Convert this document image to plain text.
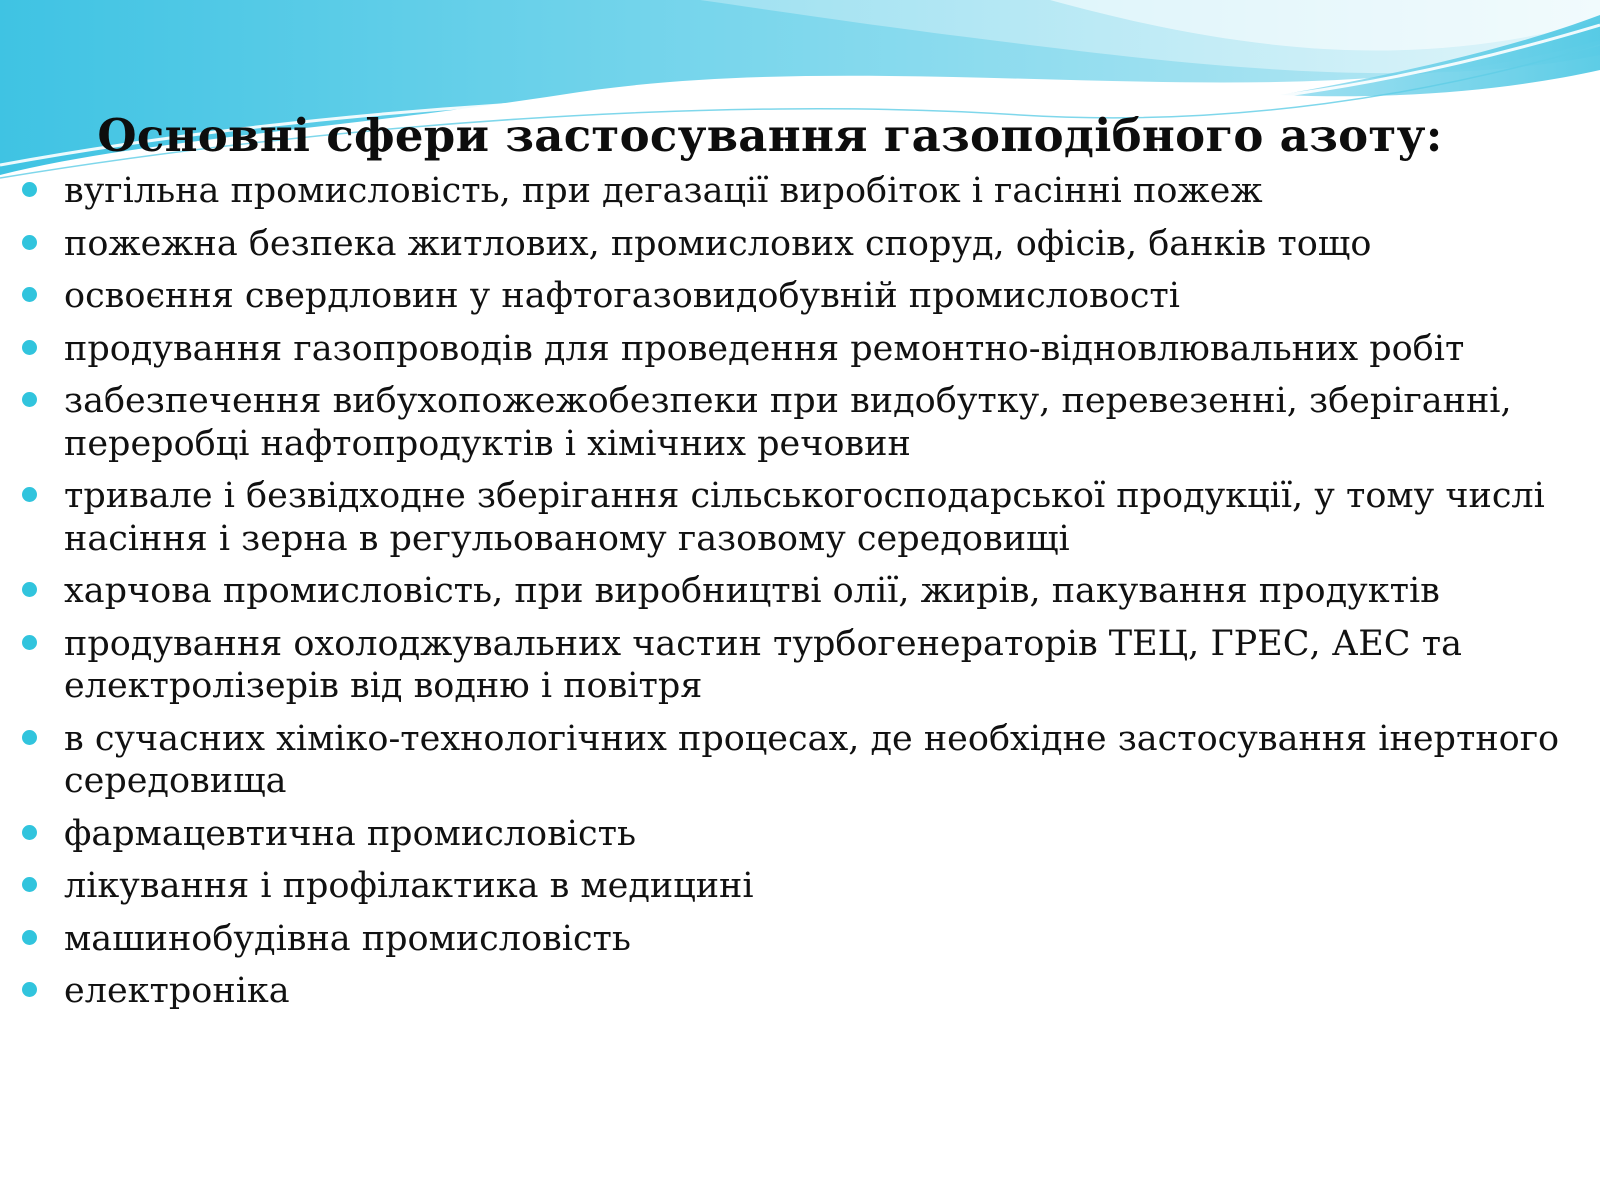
Основні сфери застосування газоподібного азоту:
вугільна промисловість, при дегазації виробіток і гасінні пожеж
пожежна безпека житлових, промислових споруд, офісів, банків тощо
освоєння свердловин у нафтогазовидобувній промисловості
продування газопроводів для проведення ремонтно-відновлювальних робіт
забезпечення вибухопожежобезпеки при видобутку, перевезенні, зберіганні, переробці нафтопродуктів і хімічних речовин
тривале і безвідходне зберігання сільськогосподарської продукції, у тому числі насіння і зерна в регульованому газовому середовищі
харчова промисловість, при виробництві олії, жирів, пакування продуктів
продування охолоджувальних частин турбогенераторів ТЕЦ, ГРЕС, АЕС та електролізерів від водню і повітря
в сучасних хіміко-технологічних процесах, де необхідне застосування інертного середовища
фармацевтична промисловість
лікування і профілактика в медицині
машинобудівна промисловість
електроніка
